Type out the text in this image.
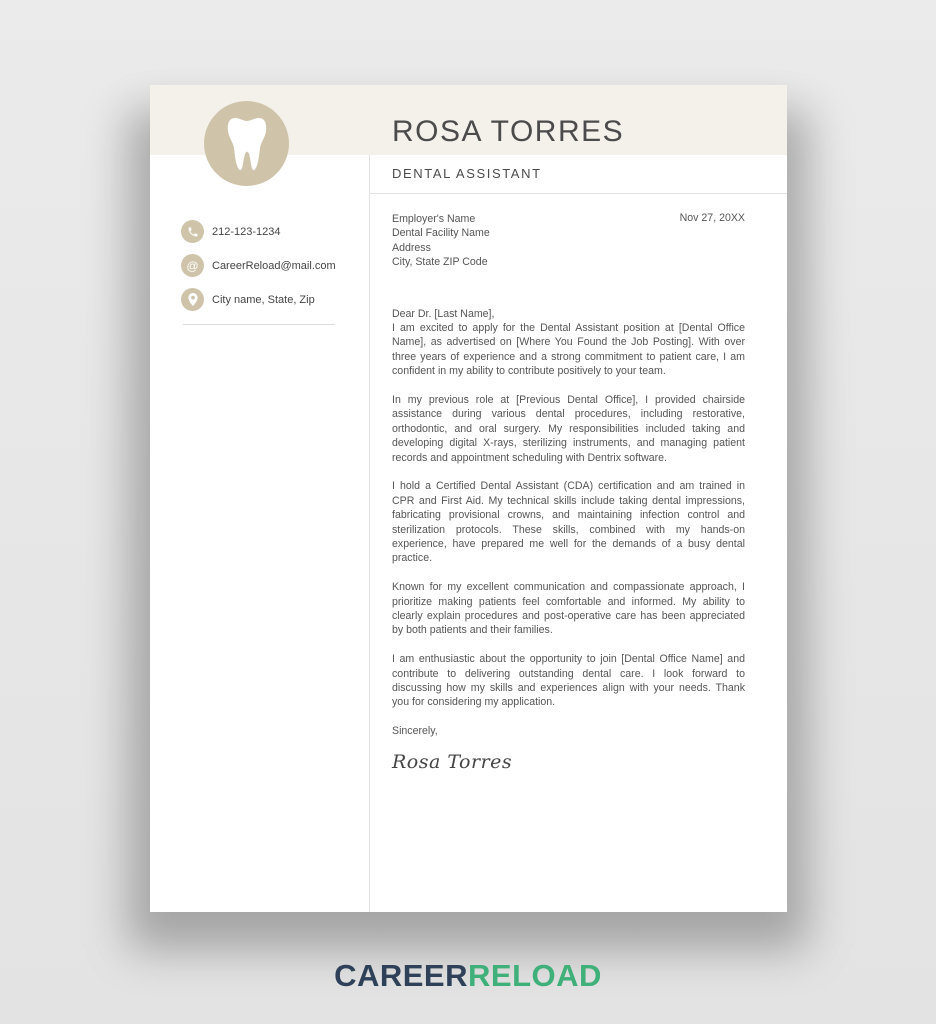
ROSA TORRES
DENTAL ASSISTANT
212-123-1234
@	CareerReload@mail.com
City name, State, Zip
Nov 27, 20XX
Employer's Name
Dental Facility Name
Address
City, State ZIP Code
Dear Dr. [Last Name],

I am excited to apply for the Dental Assistant position at [Dental Office Name], as advertised on [Where You Found the Job Posting]. With over three years of experience and a strong commitment to patient care, I am confident in my ability to contribute positively to your team.

In my previous role at [Previous Dental Office], I provided chairside assistance during various dental procedures, including restorative, orthodontic, and oral surgery. My responsibilities included taking and developing digital X-rays, sterilizing instruments, and managing patient records and appointment scheduling with Dentrix software.

I hold a Certified Dental Assistant (CDA) certification and am trained in CPR and First Aid. My technical skills include taking dental impressions, fabricating provisional crowns, and maintaining infection control and sterilization protocols. These skills, combined with my hands-on experience, have prepared me well for the demands of a busy dental practice.

Known for my excellent communication and compassionate approach, I prioritize making patients feel comfortable and informed. My ability to clearly explain procedures and post-operative care has been appreciated by both patients and their families.

I am enthusiastic about the opportunity to join [Dental Office Name] and contribute to delivering outstanding dental care. I look forward to discussing how my skills and experiences align with your needs. Thank you for considering my application.

Sincerely,
Rosa Torres
CAREERRELOAD
